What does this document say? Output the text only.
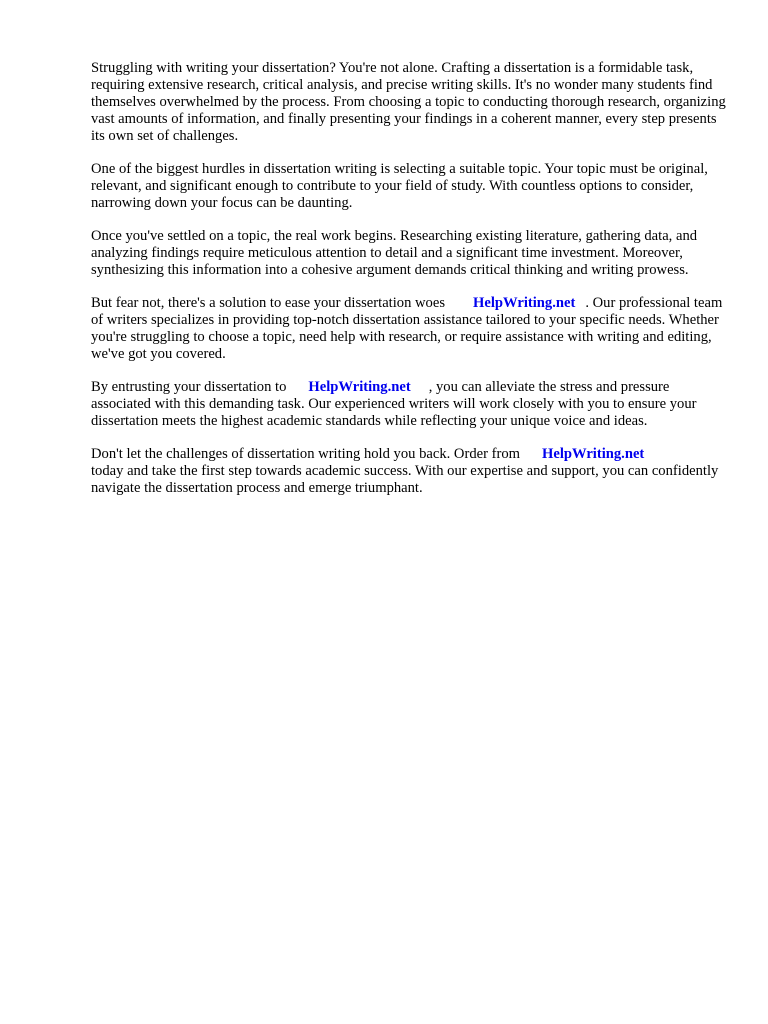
Struggling with writing your dissertation? You're not alone. Crafting a dissertation is a formidable task, requiring extensive research, critical analysis, and precise writing skills. It's no wonder many students find themselves overwhelmed by the process. From choosing a topic to conducting thorough research, organizing vast amounts of information, and finally presenting your findings in a coherent manner, every step presents its own set of challenges.

One of the biggest hurdles in dissertation writing is selecting a suitable topic. Your topic must be original, relevant, and significant enough to contribute to your field of study. With countless options to consider, narrowing down your focus can be daunting.

Once you've settled on a topic, the real work begins. Researching existing literature, gathering data, and analyzing findings require meticulous attention to detail and a significant time investment. Moreover, synthesizing this information into a cohesive argument demands critical thinking and writing prowess.

But fear not, there's a solution to ease your dissertation woes HelpWriting.net . Our professional team of writers specializes in providing top-notch dissertation assistance tailored to your specific needs. Whether you're struggling to choose a topic, need help with research, or require assistance with writing and editing, we've got you covered.

By entrusting your dissertation to HelpWriting.net , you can alleviate the stress and pressure associated with this demanding task. Our experienced writers will work closely with you to ensure your dissertation meets the highest academic standards while reflecting your unique voice and ideas.

Don't let the challenges of dissertation writing hold you back. Order from HelpWriting.net
today and take the first step towards academic success. With our expertise and support, you can confidently navigate the dissertation process and emerge triumphant.
